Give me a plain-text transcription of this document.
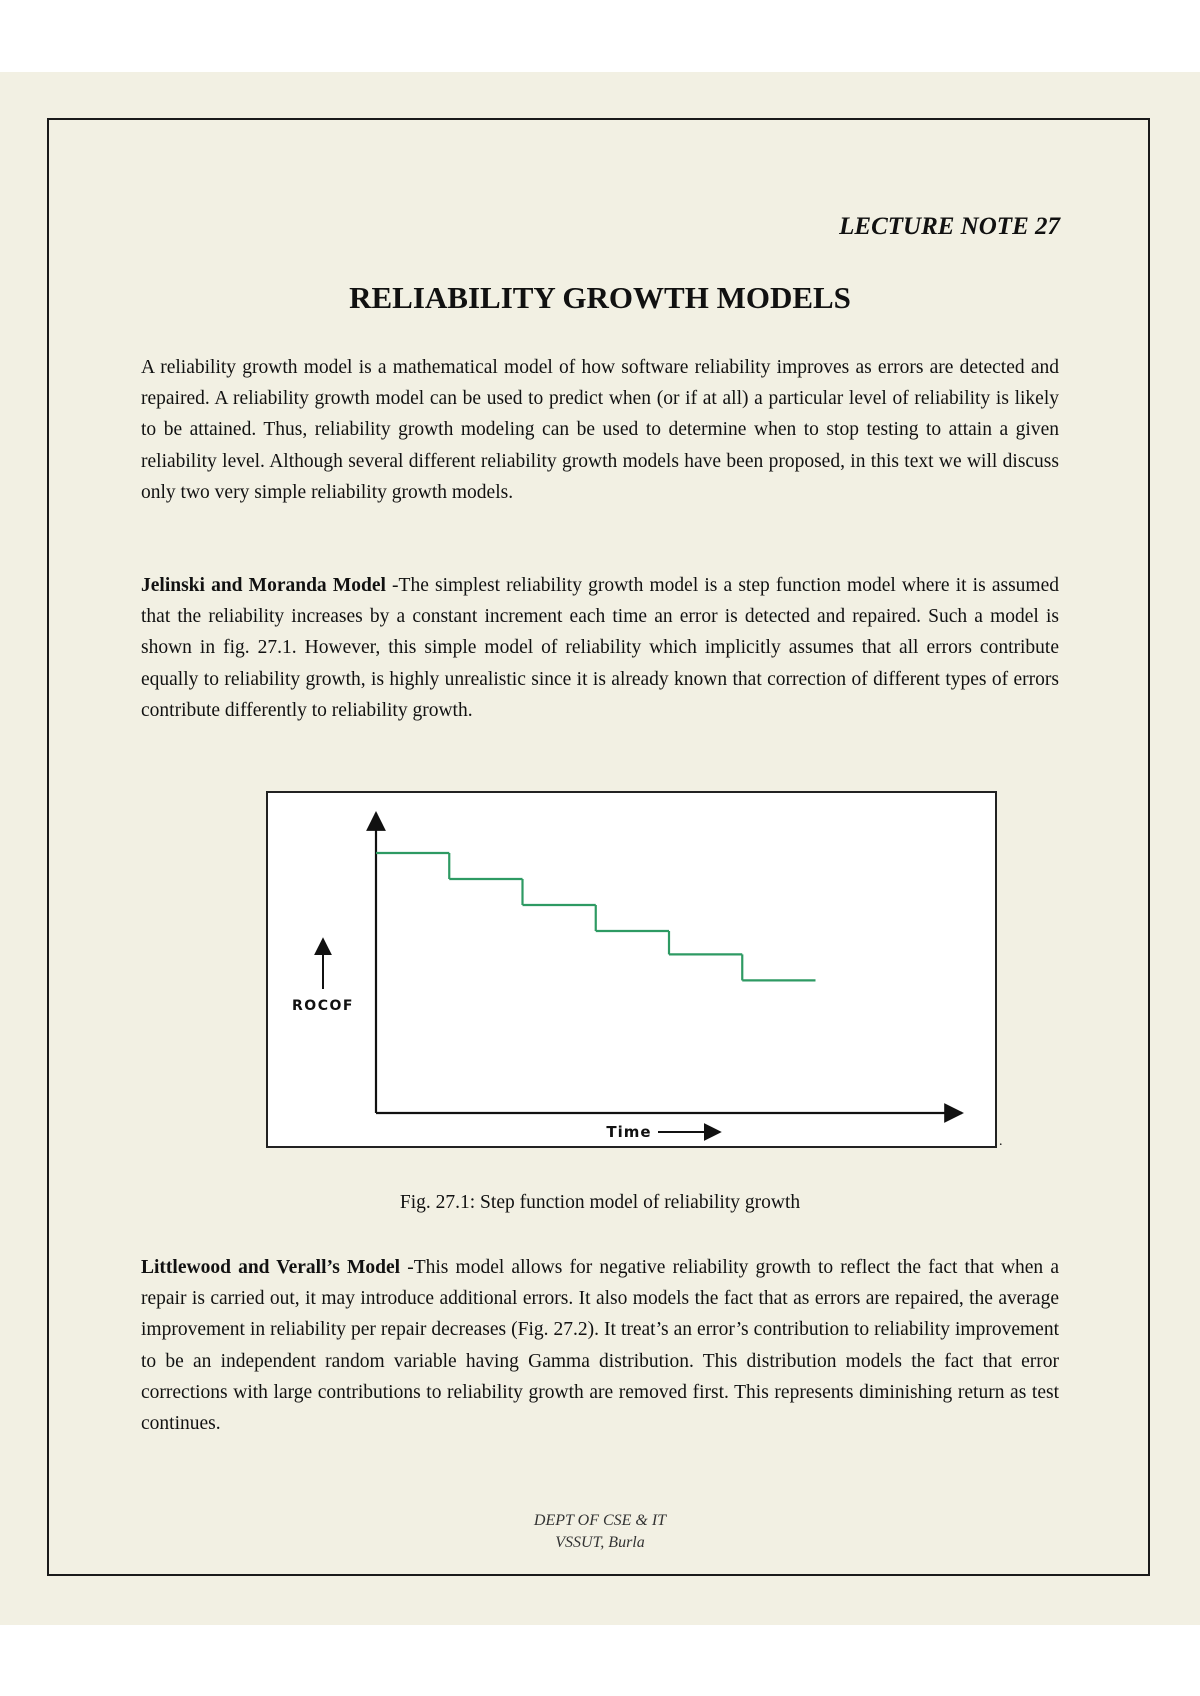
LECTURE NOTE 27

RELIABILITY GROWTH MODELS

A reliability growth model is a mathematical model of how software reliability improves as errors are detected and repaired. A reliability growth model can be used to predict when (or if at all) a particular level of reliability is likely to be attained. Thus, reliability growth modeling can be used to determine when to stop testing to attain a given reliability level. Although several different reliability growth models have been proposed, in this text we will discuss only two very simple reliability growth models.

Jelinski and Moranda Model -The simplest reliability growth model is a step function model where it is assumed that the reliability increases by a constant increment each time an error is detected and repaired. Such a model is shown in fig. 27.1. However, this simple model of reliability which implicitly assumes that all errors contribute equally to reliability growth, is highly unrealistic since it is already known that correction of different types of errors contribute differently to reliability growth.

ROCOF
Time
.

Fig. 27.1: Step function model of reliability growth

Littlewood and Verall’s Model -This model allows for negative reliability growth to reflect the fact that when a repair is carried out, it may introduce additional errors. It also models the fact that as errors are repaired, the average improvement in reliability per repair decreases (Fig. 27.2). It treat’s an error’s contribution to reliability improvement to be an independent random variable having Gamma distribution. This distribution models the fact that error corrections with large contributions to reliability growth are removed first. This represents diminishing return as test continues.

DEPT OF CSE & IT
VSSUT, Burla
